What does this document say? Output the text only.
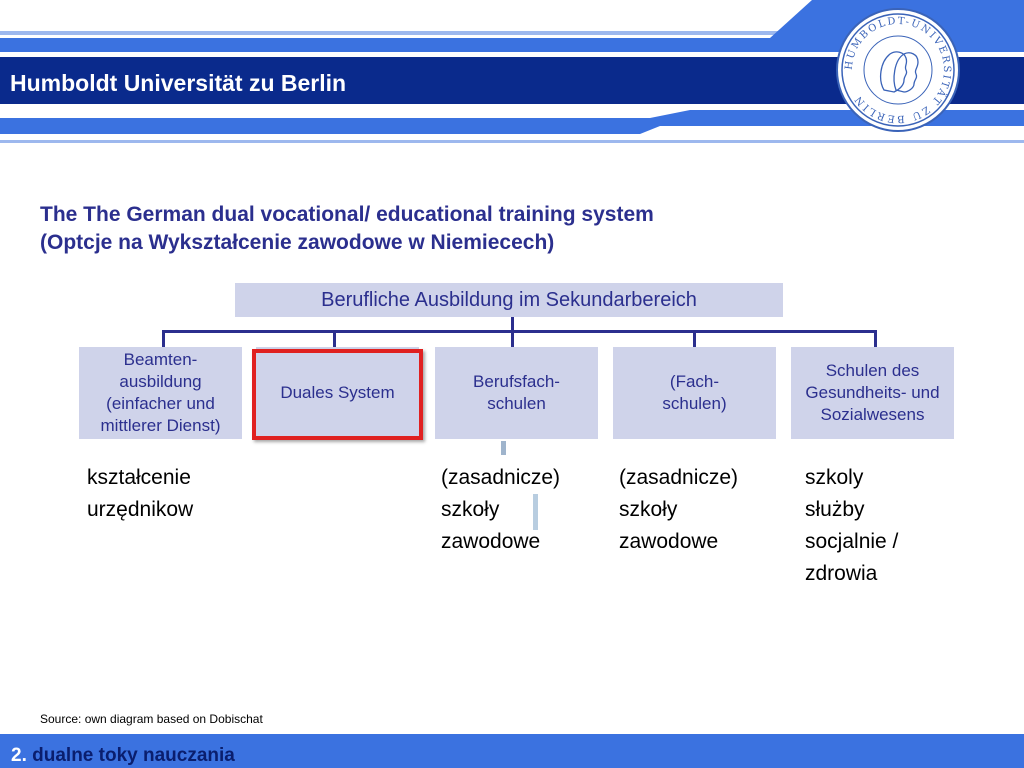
Humboldt Universität zu Berlin
HUMBOLDT-UNIVERSITÄT ZU BERLIN
The The German dual vocational/ educational training system
(Optcje na Wykształcenie zawodowe w Niemiecech)
Berufliche Ausbildung im Sekundarbereich
Beamten-
ausbildung
(einfacher und
mittlerer Dienst)
Duales System
Berufsfach-
schulen
(Fach-
schulen)
Schulen des
Gesundheits- und
Sozialwesens
kształcenie
urzędnikow
(zasadnicze)
szkoły
zawodowe
(zasadnicze)
szkoły
zawodowe
szkoly
służby
socjalnie /
zdrowia
Source: own diagram based on Dobischat
2. dualne toky nauczania
